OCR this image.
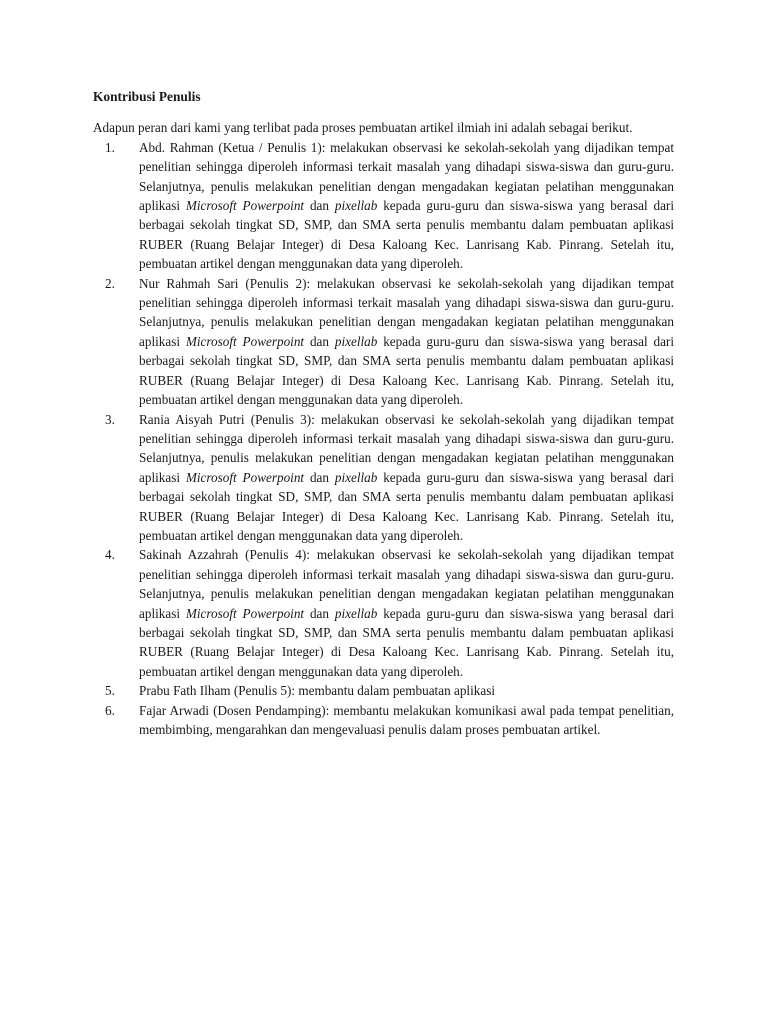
Kontribusi Penulis

Adapun peran dari kami yang terlibat pada proses pembuatan artikel ilmiah ini adalah sebagai berikut.

1. Abd. Rahman (Ketua / Penulis 1): melakukan observasi ke sekolah-sekolah yang dijadikan tempat penelitian sehingga diperoleh informasi terkait masalah yang dihadapi siswa-siswa dan guru-guru. Selanjutnya, penulis melakukan penelitian dengan mengadakan kegiatan pelatihan menggunakan aplikasi Microsoft Powerpoint dan pixellab kepada guru-guru dan siswa-siswa yang berasal dari berbagai sekolah tingkat SD, SMP, dan SMA serta penulis membantu dalam pembuatan aplikasi RUBER (Ruang Belajar Integer) di Desa Kaloang Kec. Lanrisang Kab. Pinrang. Setelah itu, pembuatan artikel dengan menggunakan data yang diperoleh.
2. Nur Rahmah Sari (Penulis 2): melakukan observasi ke sekolah-sekolah yang dijadikan tempat penelitian sehingga diperoleh informasi terkait masalah yang dihadapi siswa-siswa dan guru-guru. Selanjutnya, penulis melakukan penelitian dengan mengadakan kegiatan pelatihan menggunakan aplikasi Microsoft Powerpoint dan pixellab kepada guru-guru dan siswa-siswa yang berasal dari berbagai sekolah tingkat SD, SMP, dan SMA serta penulis membantu dalam pembuatan aplikasi RUBER (Ruang Belajar Integer) di Desa Kaloang Kec. Lanrisang Kab. Pinrang. Setelah itu, pembuatan artikel dengan menggunakan data yang diperoleh.
3. Rania Aisyah Putri (Penulis 3): melakukan observasi ke sekolah-sekolah yang dijadikan tempat penelitian sehingga diperoleh informasi terkait masalah yang dihadapi siswa-siswa dan guru-guru. Selanjutnya, penulis melakukan penelitian dengan mengadakan kegiatan pelatihan menggunakan aplikasi Microsoft Powerpoint dan pixellab kepada guru-guru dan siswa-siswa yang berasal dari berbagai sekolah tingkat SD, SMP, dan SMA serta penulis membantu dalam pembuatan aplikasi RUBER (Ruang Belajar Integer) di Desa Kaloang Kec. Lanrisang Kab. Pinrang. Setelah itu, pembuatan artikel dengan menggunakan data yang diperoleh.
4. Sakinah Azzahrah (Penulis 4): melakukan observasi ke sekolah-sekolah yang dijadikan tempat penelitian sehingga diperoleh informasi terkait masalah yang dihadapi siswa-siswa dan guru-guru. Selanjutnya, penulis melakukan penelitian dengan mengadakan kegiatan pelatihan menggunakan aplikasi Microsoft Powerpoint dan pixellab kepada guru-guru dan siswa-siswa yang berasal dari berbagai sekolah tingkat SD, SMP, dan SMA serta penulis membantu dalam pembuatan aplikasi RUBER (Ruang Belajar Integer) di Desa Kaloang Kec. Lanrisang Kab. Pinrang. Setelah itu, pembuatan artikel dengan menggunakan data yang diperoleh.
5. Prabu Fath Ilham (Penulis 5): membantu dalam pembuatan aplikasi
6. Fajar Arwadi (Dosen Pendamping): membantu melakukan komunikasi awal pada tempat penelitian, membimbing, mengarahkan dan mengevaluasi penulis dalam proses pembuatan artikel.
